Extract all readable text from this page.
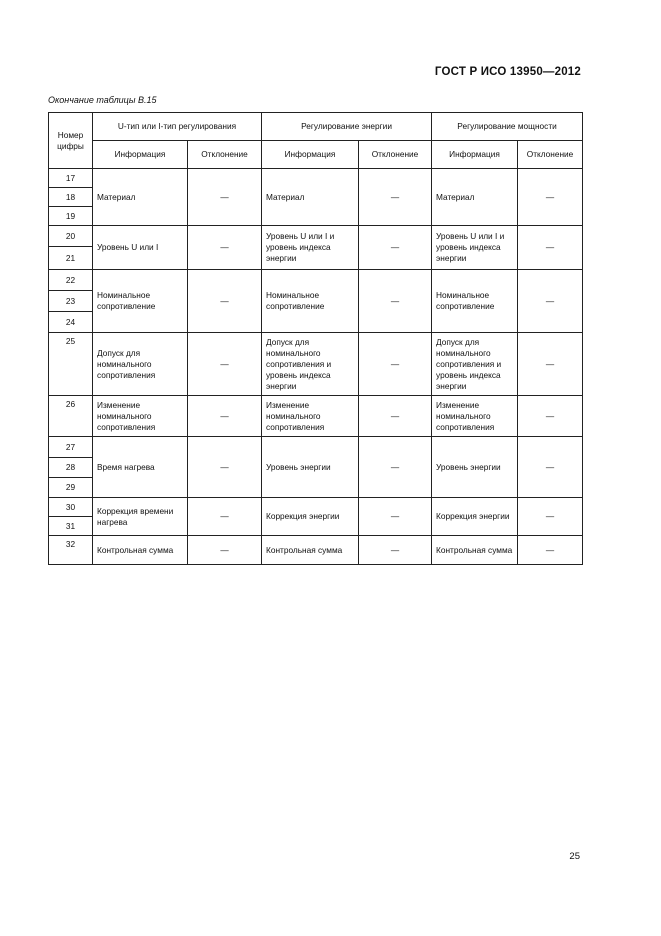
ГОСТ Р ИСО 13950—2012
Окончание таблицы B.15
Номер цифры	U-тип или I-тип регулирования		Регулирование энергии		Регулирование мощности	
	Информация	Отклонение	Информация	Отклонение	Информация	Отклонение
17	Материал	—	Материал	—	Материал	—
18						
19						
20	Уровень U или I	—	Уровень U или I и уровень индекса энергии	—	Уровень U или I и уровень индекса энергии	—
21						
22	Номинальное сопротивление	—	Номинальное сопротивление	—	Номинальное сопротивление	—
23						
24						
25	Допуск для номинального сопротивления	—	Допуск для номинального сопротивления и уровень индекса энергии	—	Допуск для номинального сопротивления и уровень индекса энергии	—
26	Изменение номинального сопротивления	—	Изменение номинального сопротивления	—	Изменение номинального сопротивления	—
27	Время нагрева	—	Уровень энергии	—	Уровень энергии	—
28						
29						
30	Коррекция времени нагрева	—	Коррекция энергии	—	Коррекция энергии	—
31						
32	Контрольная сумма	—	Контрольная сумма	—	Контрольная сумма	—
25
